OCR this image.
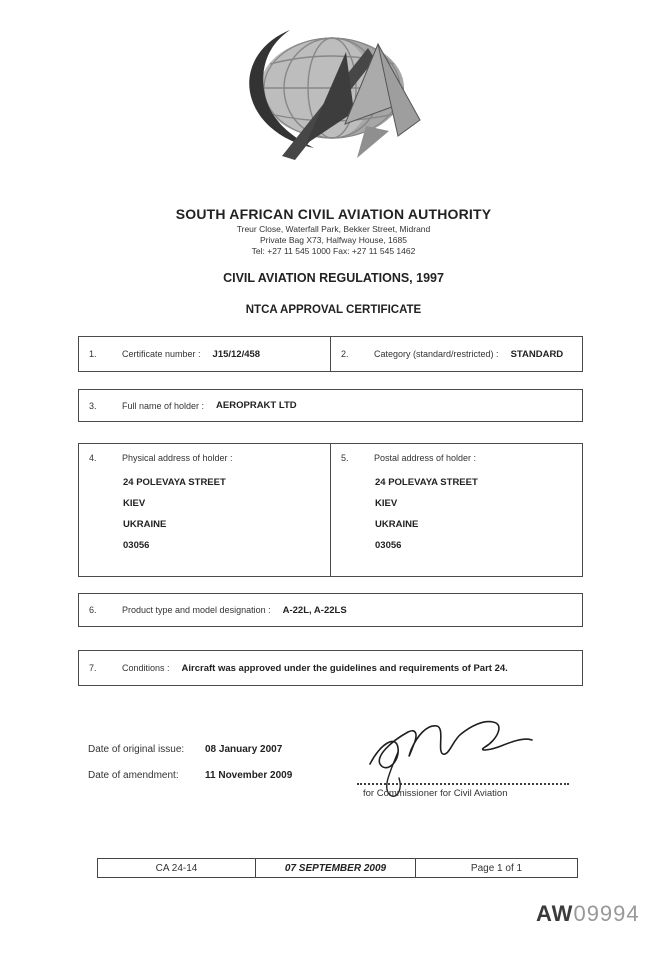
SOUTH AFRICAN CIVIL AVIATION AUTHORITY
Treur Close, Waterfall Park, Bekker Street, Midrand
Private Bag X73, Halfway House, 1685
Tel: +27 11 545 1000 Fax: +27 11 545 1462
CIVIL AVIATION REGULATIONS, 1997
NTCA APPROVAL CERTIFICATE
1.	Certificate number : J15/12/458	2.	Category (standard/restricted) : STANDARD
3.	Full name of holder : AEROPRAKT LTD
4.	Physical address of holder :
24 POLEVAYA STREET
KIEV
UKRAINE
03056
5.	Postal address of holder :
24 POLEVAYA STREET
KIEV
UKRAINE
03056
6.	Product type and model designation : A-22L, A-22LS
7.	Conditions : Aircraft was approved under the guidelines and requirements of Part 24.
Date of original issue: 08 January 2007
Date of amendment:	11 November 2009
for Commissioner for Civil Aviation
CA 24-14	07 SEPTEMBER 2009	Page 1 of 1
AW09994
